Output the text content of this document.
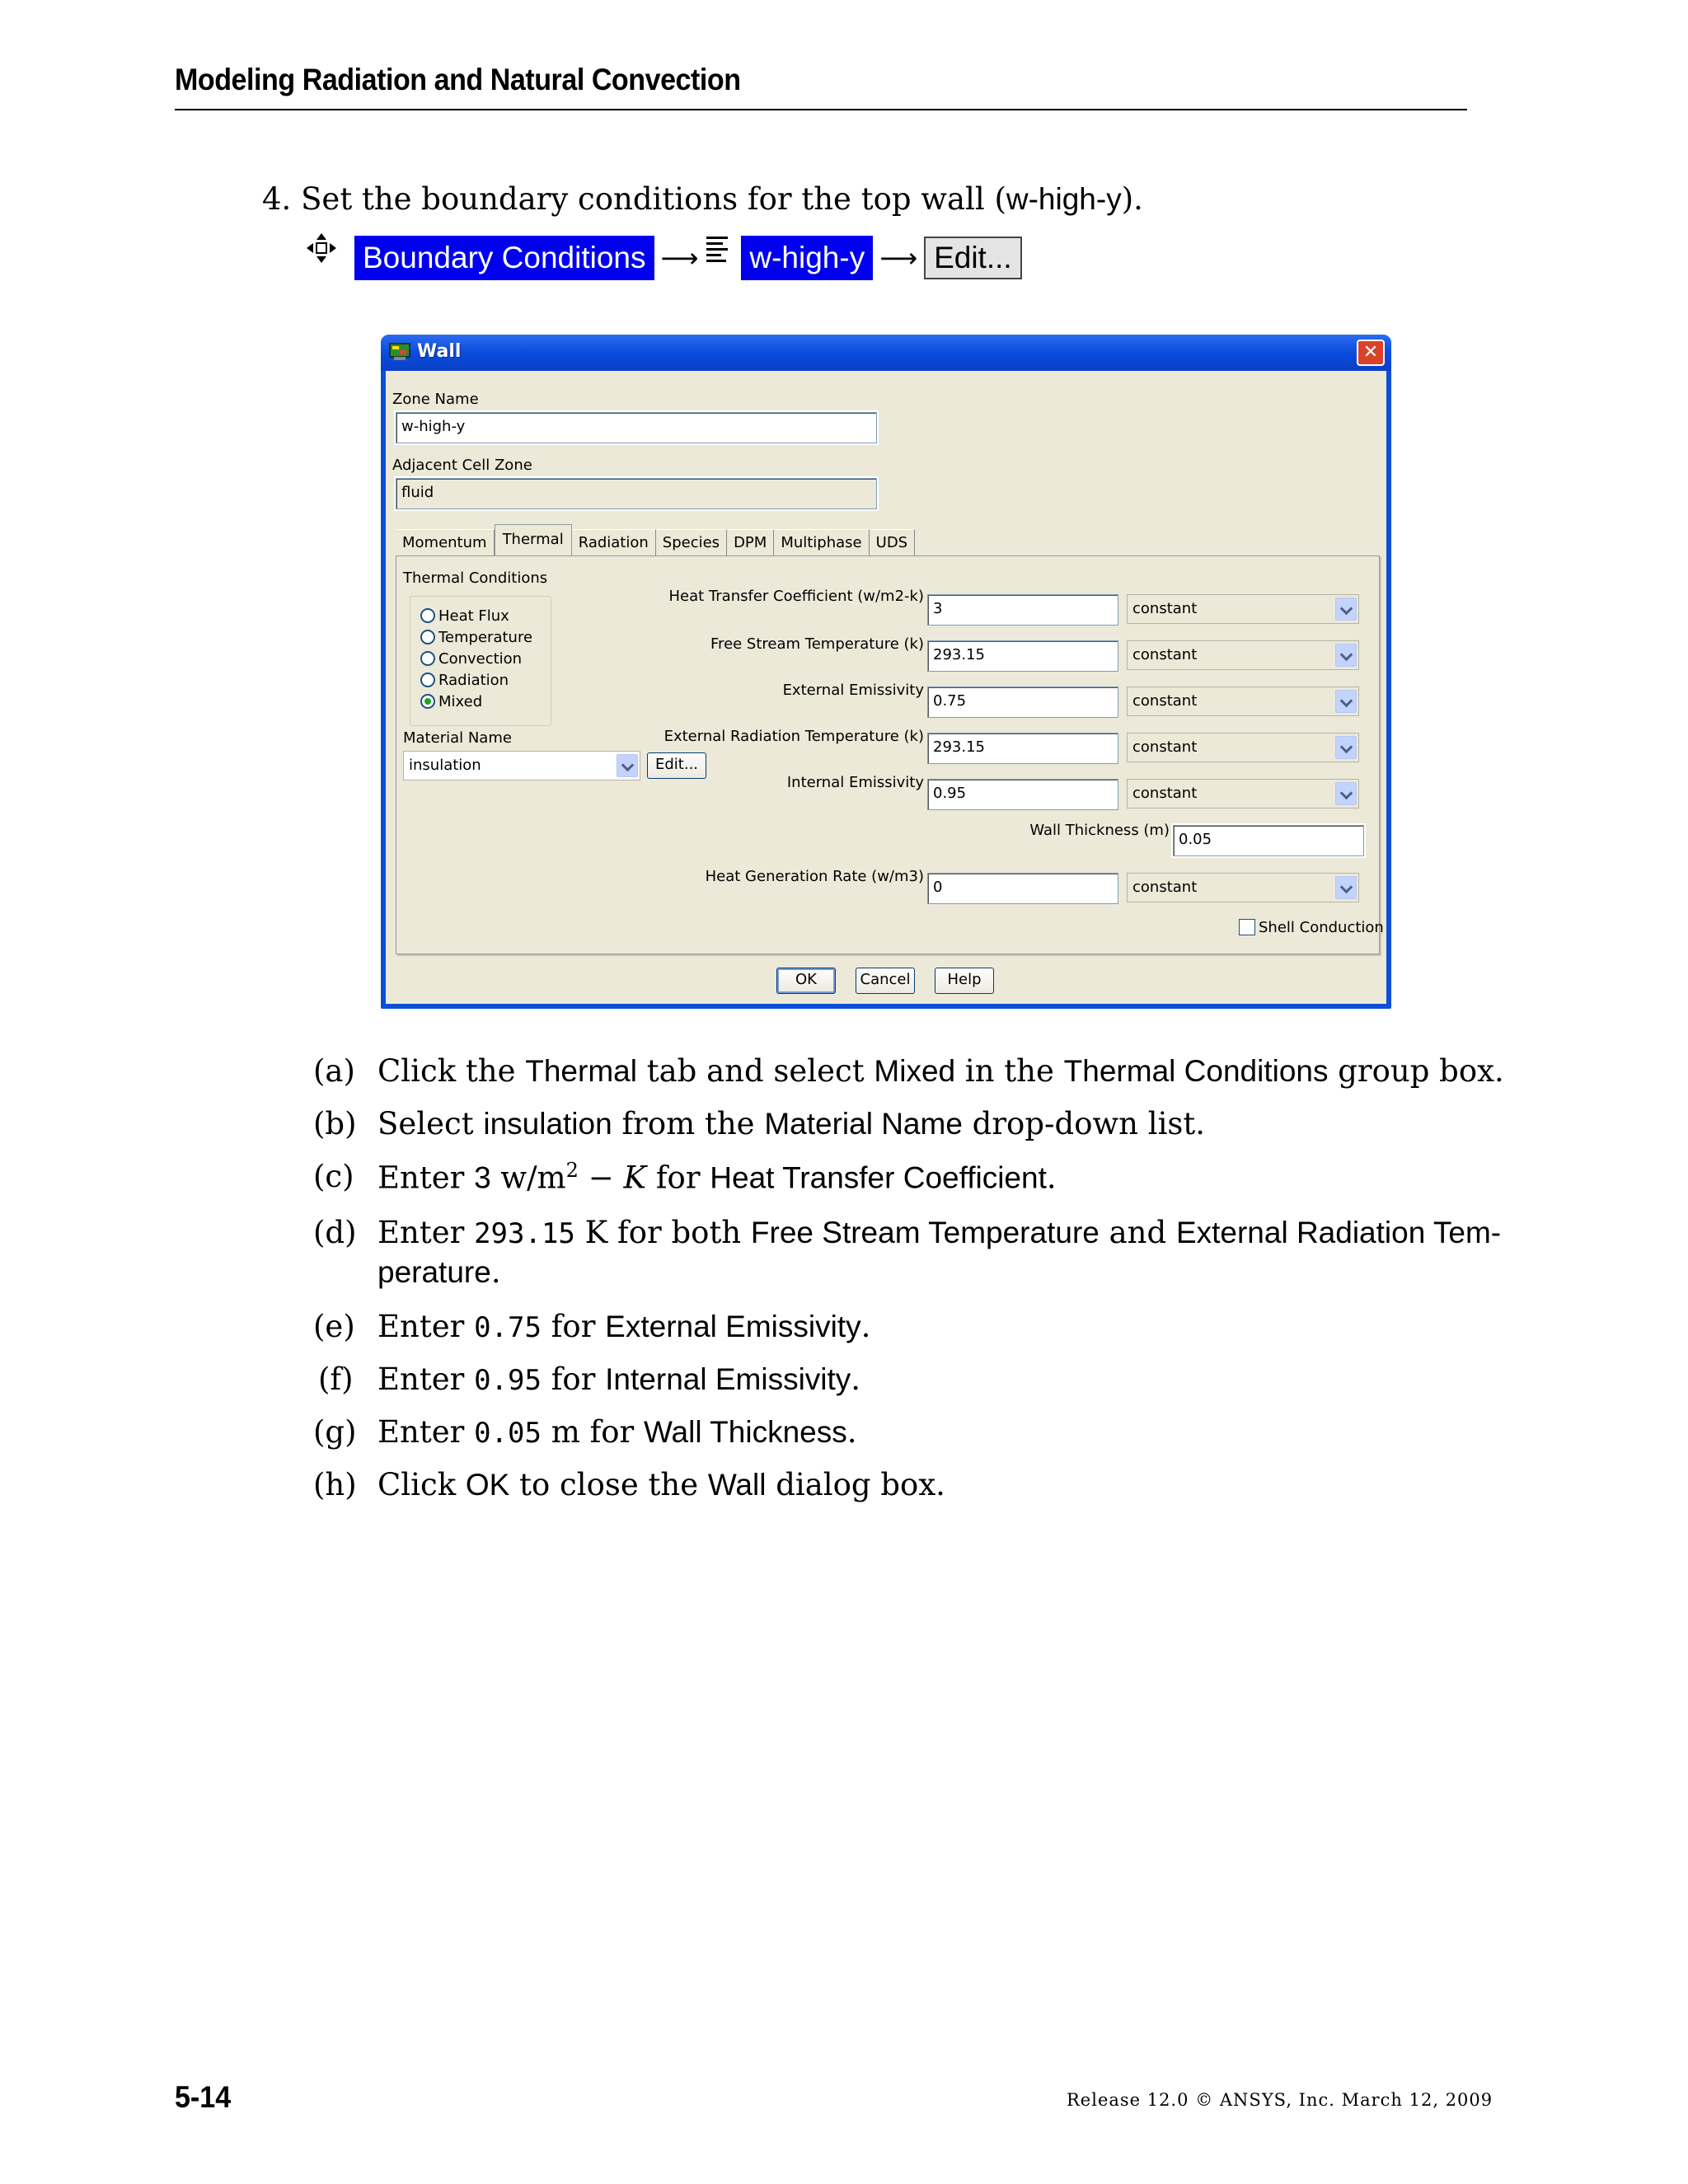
Modeling Radiation and Natural Convection
4. Set the boundary conditions for the top wall (w-high-y).
Boundary Conditions ⟶ w-high-y ⟶ Edit...
Wall	✕
Zone Name
w-high-y
Adjacent Cell Zone
fluid
Momentum	Thermal	Radiation Species DPM Multiphase UDS
Thermal Conditions
Heat Flux
Temperature
Convection
Radiation
Mixed
Material Name
insulation	Edit...
Heat Transfer Coefficient (w/m2-k)
3	constant
Free Stream Temperature (k)
293.15	constant
External Emissivity
0.75	constant
External Radiation Temperature (k)
293.15	constant
Internal Emissivity
0.95	constant
Wall Thickness (m)
0.05
Heat Generation Rate (w/m3)
0	constant
Shell Conduction
OK	Cancel	Help
(a) Click the Thermal tab and select Mixed in the Thermal Conditions group box.
(b) Select insulation from the Material Name drop-down list.
(c) Enter 3 $w/m^2 - K$ for Heat Transfer Coefficient.
(d) Enter 293.15 K for both Free Stream Temperature and External Radiation Tem-
perature.
(e) Enter 0.75 for External Emissivity.
(f) Enter 0.95 for Internal Emissivity.
(g) Enter 0.05 m for Wall Thickness.
(h) Click OK to close the Wall dialog box.
5-14	Release 12.0 © ANSYS, Inc. March 12, 2009
